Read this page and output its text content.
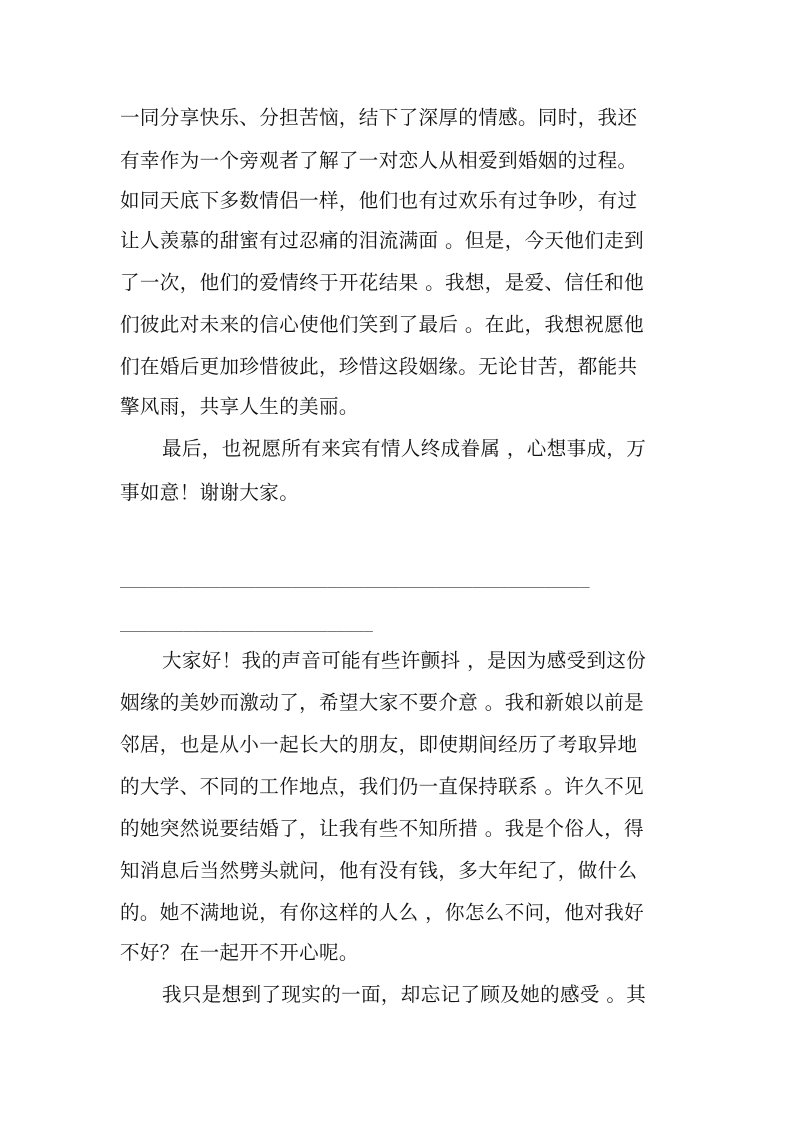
一同分享快乐、分担苦恼，结下了深厚的情感。同时，我还
有幸作为一个旁观者了解了一对恋人从相爱到婚姻的过程。
如同天底下多数情侣一样，他们也有过欢乐有过争吵，有过
让人羡慕的甜蜜有过忍痛的泪流满面 。但是，今天他们走到
了一次，他们的爱情终于开花结果 。我想，是爱、信任和他
们彼此对未来的信心使他们笑到了最后 。在此，我想祝愿他
们在婚后更加珍惜彼此，珍惜这段姻缘。无论甘苦，都能共
擎风雨，共享人生的美丽。
最后，也祝愿所有来宾有情人终成眷属 ，心想事成，万
事如意！谢谢大家。
____________________________________________________
____________________________
大家好！我的声音可能有些许颤抖 ，是因为感受到这份
姻缘的美妙而激动了，希望大家不要介意 。我和新娘以前是
邻居，也是从小一起长大的朋友，即使期间经历了考取异地
的大学、不同的工作地点，我们仍一直保持联系 。许久不见
的她突然说要结婚了，让我有些不知所措 。我是个俗人，得
知消息后当然劈头就问，他有没有钱，多大年纪了，做什么
的。她不满地说，有你这样的人么 ，你怎么不问，他对我好
不好？在一起开不开心呢。
我只是想到了现实的一面，却忘记了顾及她的感受 。其
